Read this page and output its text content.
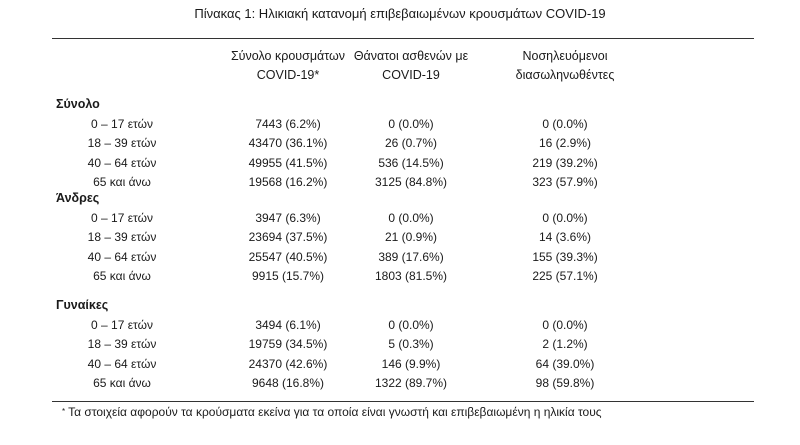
Πίνακας 1: Ηλικιακή κατανομή επιβεβαιωμένων κρουσμάτων COVID-19
Σύνολο κρουσμάτων
COVID-19*
Θάνατοι ασθενών με
COVID-19
Νοσηλευόμενοι
διασωληνωθέντες
Σύνολο
0 – 17 ετών	7443 (6.2%)	0 (0.0%)	0 (0.0%)
18 – 39 ετών	43470 (36.1%)	26 (0.7%)	16 (2.9%)
40 – 64 ετών	49955 (41.5%)	536 (14.5%)	219 (39.2%)
65 και άνω	19568 (16.2%)	3125 (84.8%)	323 (57.9%)
Άνδρες
0 – 17 ετών	3947 (6.3%)	0 (0.0%)	0 (0.0%)
18 – 39 ετών	23694 (37.5%)	21 (0.9%)	14 (3.6%)
40 – 64 ετών	25547 (40.5%)	389 (17.6%)	155 (39.3%)
65 και άνω	9915 (15.7%)	1803 (81.5%)	225 (57.1%)
Γυναίκες
0 – 17 ετών	3494 (6.1%)	0 (0.0%)	0 (0.0%)
18 – 39 ετών	19759 (34.5%)	5 (0.3%)	2 (1.2%)
40 – 64 ετών	24370 (42.6%)	146 (9.9%)	64 (39.0%)
65 και άνω	9648 (16.8%)	1322 (89.7%)	98 (59.8%)
* Τα στοιχεία αφορούν τα κρούσματα εκείνα για τα οποία είναι γνωστή και επιβεβαιωμένη η ηλικία τους
